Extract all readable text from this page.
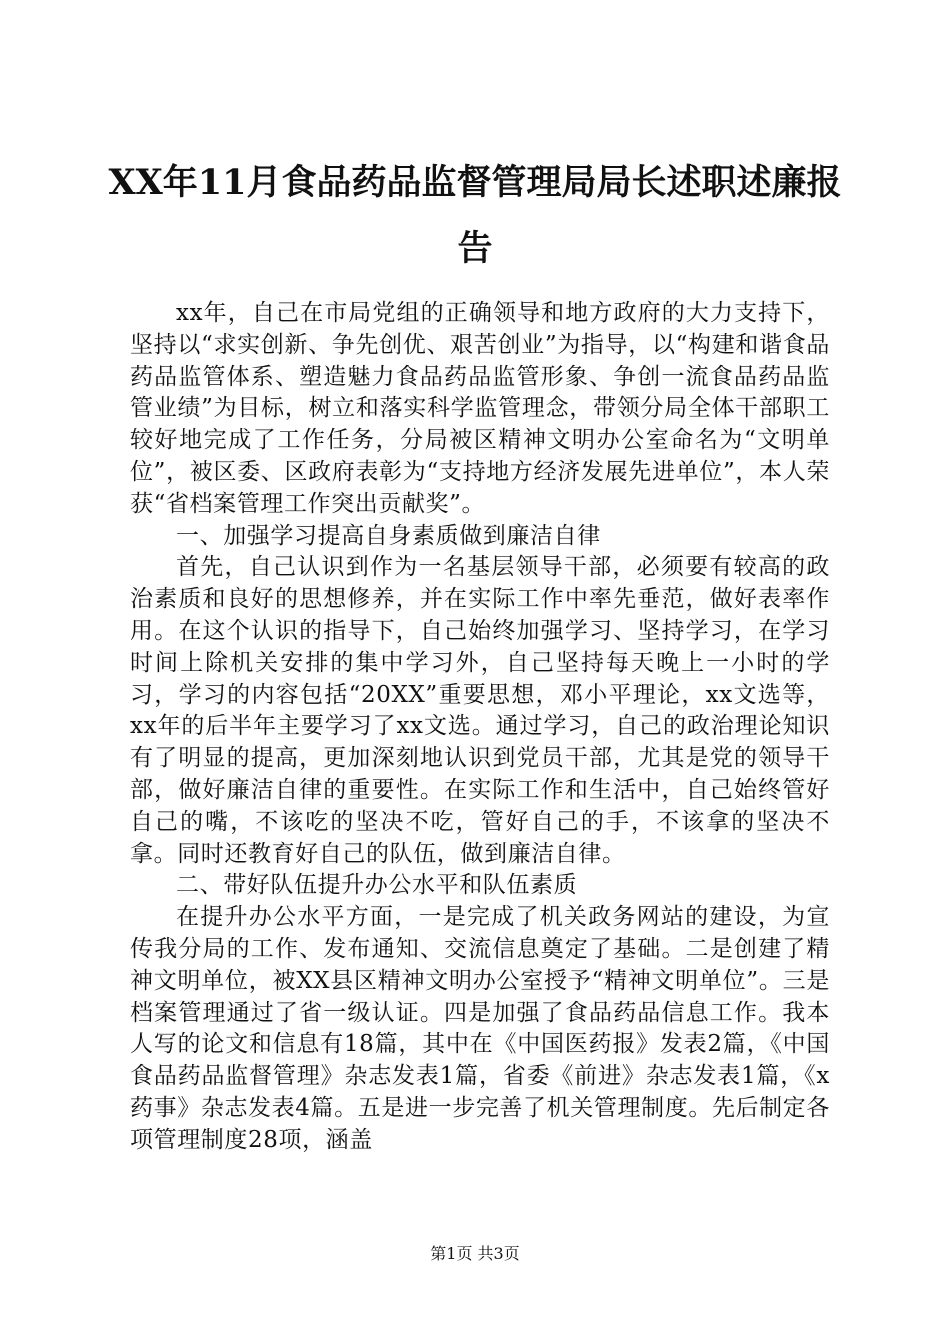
XX年11月食品药品监督管理局局长述职述廉报告

xx年，自己在市局党组的正确领导和地方政府的大力支持下，坚持以“求实创新、争先创优、艰苦创业”为指导，以“构建和谐食品药品监管体系、塑造魅力食品药品监管形象、争创一流食品药品监管业绩”为目标，树立和落实科学监管理念，带领分局全体干部职工较好地完成了工作任务，分局被区精神文明办公室命名为“文明单位”，被区委、区政府表彰为“支持地方经济发展先进单位”，本人荣获“省档案管理工作突出贡献奖”。

一、加强学习提高自身素质做到廉洁自律

首先，自己认识到作为一名基层领导干部，必须要有较高的政治素质和良好的思想修养，并在实际工作中率先垂范，做好表率作用。在这个认识的指导下，自己始终加强学习、坚持学习，在学习时间上除机关安排的集中学习外，自己坚持每天晚上一小时的学习，学习的内容包括“20XX”重要思想，邓小平理论，xx文选等，xx年的后半年主要学习了xx文选。通过学习，自己的政治理论知识有了明显的提高，更加深刻地认识到党员干部，尤其是党的领导干部，做好廉洁自律的重要性。在实际工作和生活中，自己始终管好自己的嘴，不该吃的坚决不吃，管好自己的手，不该拿的坚决不拿。同时还教育好自己的队伍，做到廉洁自律。

二、带好队伍提升办公水平和队伍素质

在提升办公水平方面，一是完成了机关政务网站的建设，为宣传我分局的工作、发布通知、交流信息奠定了基础。二是创建了精神文明单位，被XX县区精神文明办公室授予“精神文明单位”。三是档案管理通过了省一级认证。四是加强了食品药品信息工作。我本人写的论文和信息有18篇，其中在《中国医药报》发表2篇，《中国食品药品监督管理》杂志发表1篇，省委《前进》杂志发表1篇，《x药事》杂志发表4篇。五是进一步完善了机关管理制度。先后制定各项管理制度28项，涵盖

第1页 共3页
